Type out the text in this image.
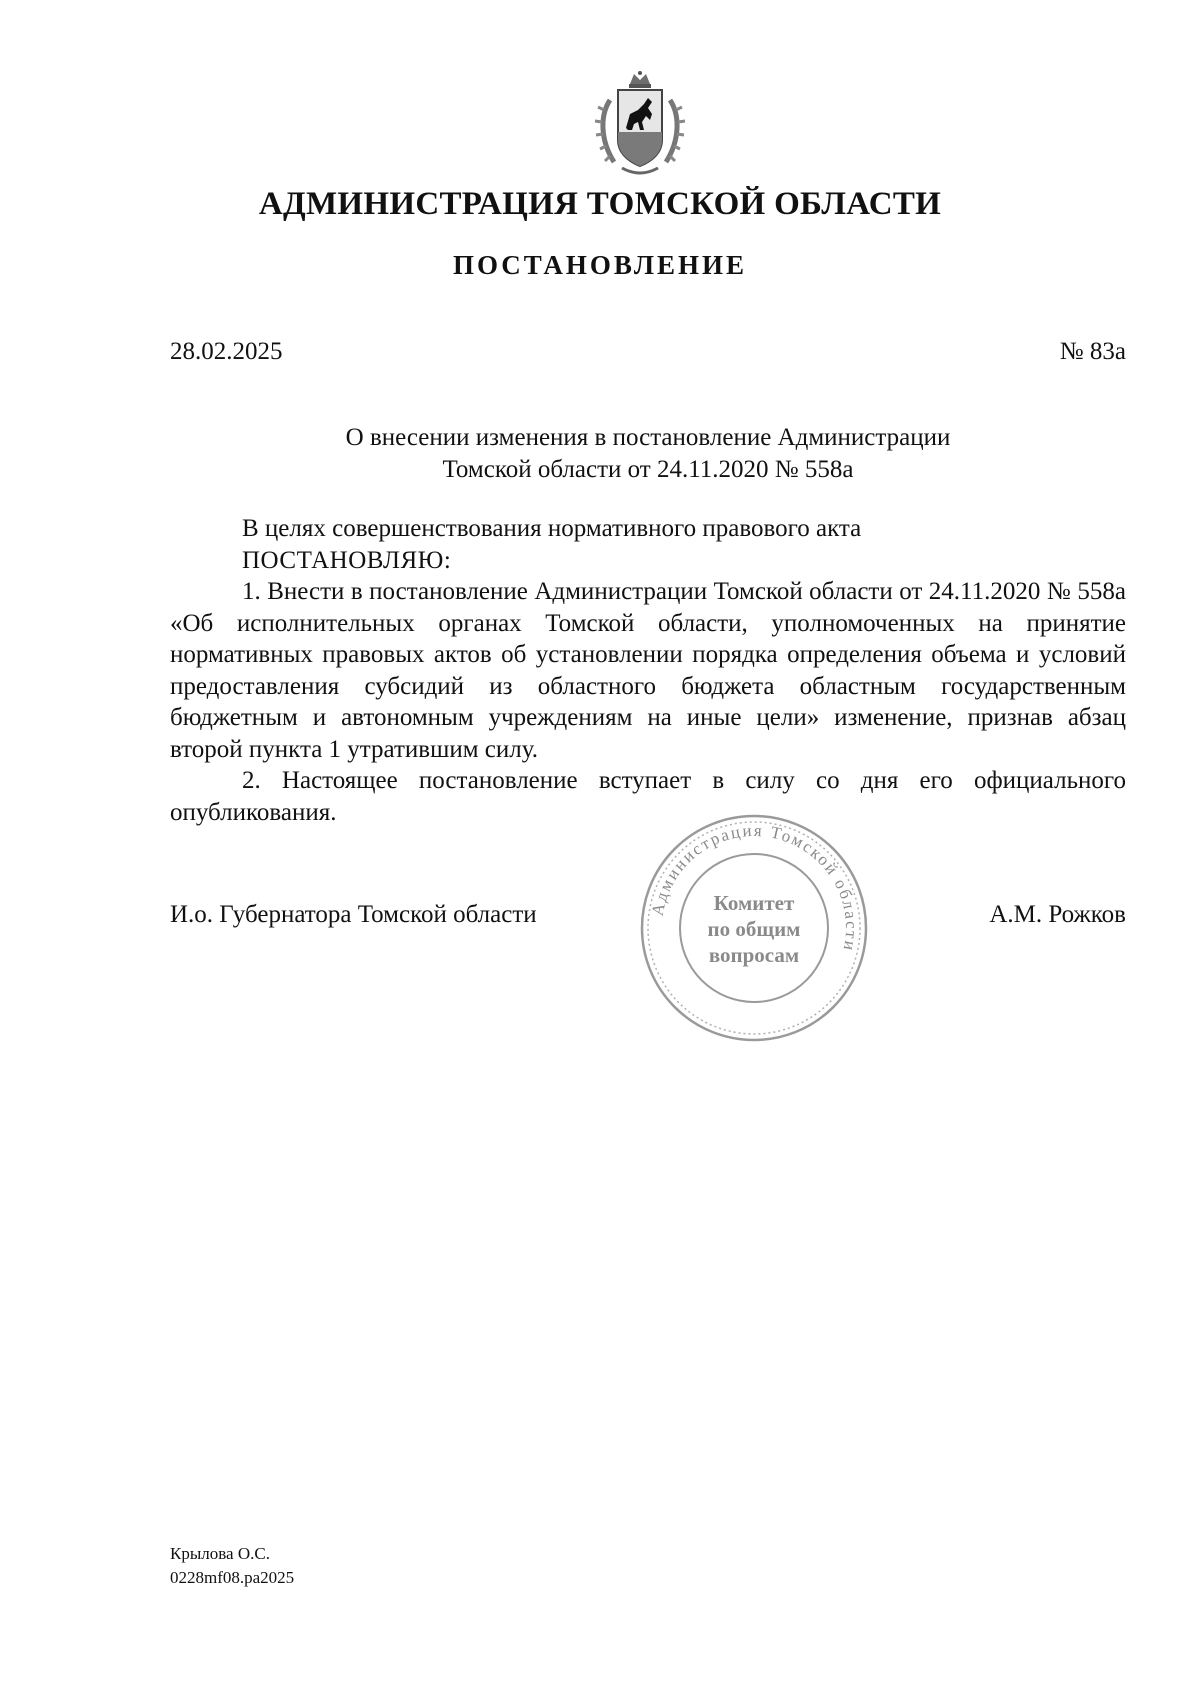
АДМИНИСТРАЦИЯ ТОМСКОЙ ОБЛАСТИ
ПОСТАНОВЛЕНИЕ
28.02.2025	№ 83а
О внесении изменения в постановление Администрации
Томской области от 24.11.2020 № 558а

В целях совершенствования нормативного правового акта

ПОСТАНОВЛЯЮ:

1. Внести в постановление Администрации Томской области от 24.11.2020 № 558а «Об исполнительных органах Томской области, уполномоченных на принятие нормативных правовых актов об установлении порядка определения объема и условий предоставления субсидий из областного бюджета областным государственным бюджетным и автономным учреждениям на иные цели» изменение, признав абзац второй пункта 1 утратившим силу.

2. Настоящее постановление вступает в силу со дня его официального опубликования.

И.о. Губернатора Томской области	А.М. Рожков
Администрация Томской области
Комитет
по общим
вопросам
Крылова О.С.
0228mf08.pa2025
